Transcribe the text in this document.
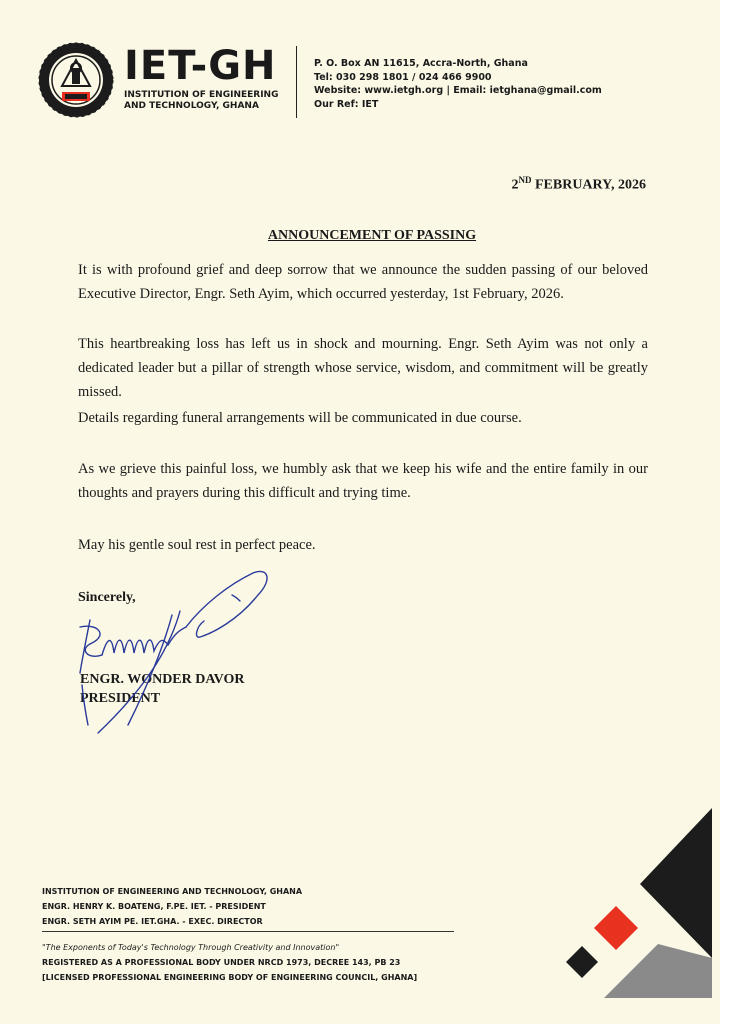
IET-GH
INSTITUTION OF ENGINEERING
AND TECHNOLOGY, GHANA
P. O. Box AN 11615, Accra-North, Ghana
Tel: 030 298 1801 / 024 466 9900
Website: www.ietgh.org | Email: ietghana@gmail.com
Our Ref: IET
2ND FEBRUARY, 2026
ANNOUNCEMENT OF PASSING
It is with profound grief and deep sorrow that we announce the sudden passing of our beloved Executive Director, Engr. Seth Ayim, which occurred yesterday, 1st February, 2026.
This heartbreaking loss has left us in shock and mourning. Engr. Seth Ayim was not only a dedicated leader but a pillar of strength whose service, wisdom, and commitment will be greatly missed.
Details regarding funeral arrangements will be communicated in due course.
As we grieve this painful loss, we humbly ask that we keep his wife and the entire family in our thoughts and prayers during this difficult and trying time.
May his gentle soul rest in perfect peace.
Sincerely,
ENGR. WONDER DAVOR
PRESIDENT
INSTITUTION OF ENGINEERING AND TECHNOLOGY, GHANA
ENGR. HENRY K. BOATENG, F.PE. IET. - PRESIDENT
ENGR. SETH AYIM PE. IET.GHA. - EXEC. DIRECTOR
"The Exponents of Today's Technology Through Creativity and Innovation"
REGISTERED AS A PROFESSIONAL BODY UNDER NRCD 1973, DECREE 143, PB 23
[LICENSED PROFESSIONAL ENGINEERING BODY OF ENGINEERING COUNCIL, GHANA]
